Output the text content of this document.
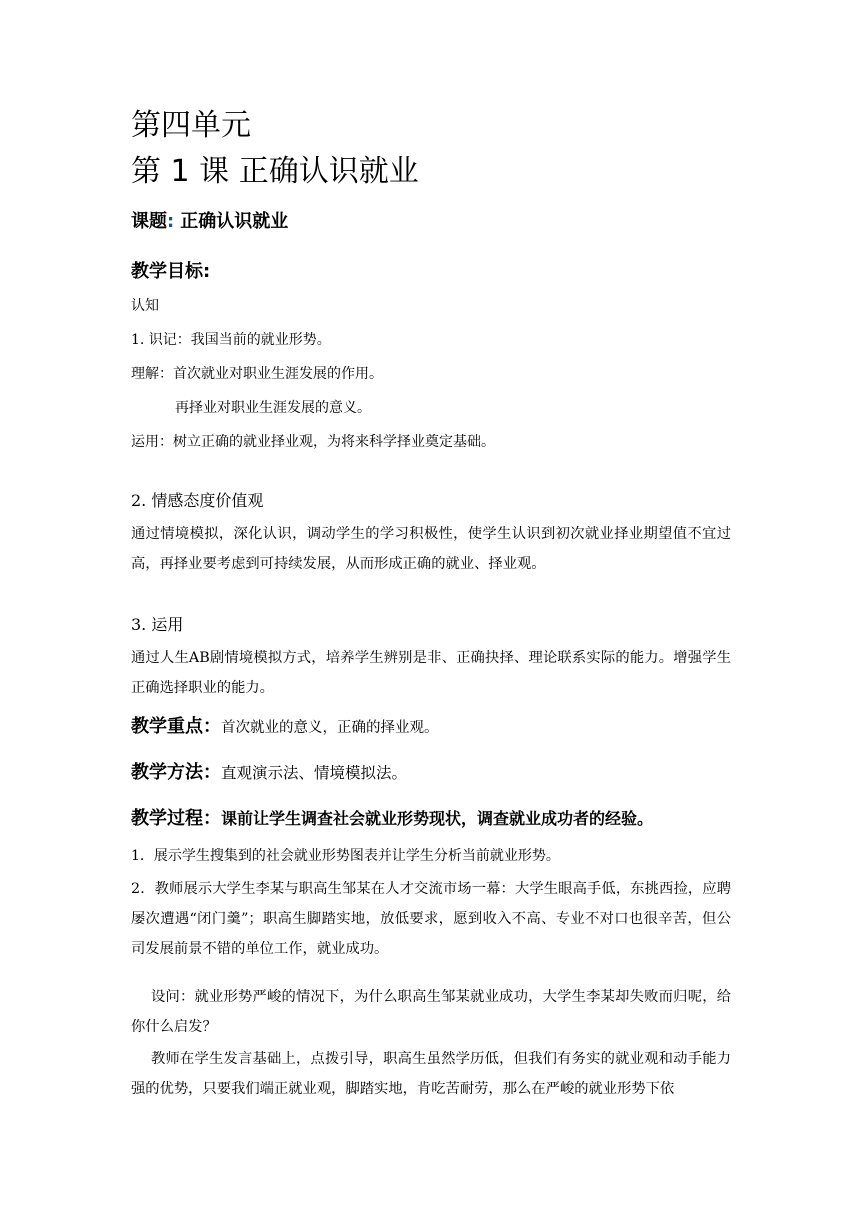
第四单元
第 1 课 正确认识就业
课题: 正确认识就业
教学目标:
认知
1. 识记：我国当前的就业形势。
理解：首次就业对职业生涯发展的作用。
再择业对职业生涯发展的意义。
运用：树立正确的就业择业观，为将来科学择业奠定基础。
2. 情感态度价值观
通过情境模拟，深化认识，调动学生的学习积极性，使学生认识到初次就业择业期望值不宜过高，再择业要考虑到可持续发展，从而形成正确的就业、择业观。
3. 运用
通过人生AB剧情境模拟方式，培养学生辨别是非、正确抉择、理论联系实际的能力。增强学生正确选择职业的能力。
教学重点：首次就业的意义，正确的择业观。
教学方法：直观演示法、情境模拟法。
教学过程：课前让学生调查社会就业形势现状，调查就业成功者的经验。
1．展示学生搜集到的社会就业形势图表并让学生分析当前就业形势。
2．教师展示大学生李某与职高生邹某在人才交流市场一幕：大学生眼高手低，东挑西捡，应聘屡次遭遇“闭门羹”；职高生脚踏实地，放低要求，愿到收入不高、专业不对口也很辛苦，但公司发展前景不错的单位工作，就业成功。
设问：就业形势严峻的情况下，为什么职高生邹某就业成功，大学生李某却失败而归呢，给你什么启发？
教师在学生发言基础上，点拨引导，职高生虽然学历低，但我们有务实的就业观和动手能力强的优势，只要我们端正就业观，脚踏实地，肯吃苦耐劳，那么在严峻的就业形势下依
